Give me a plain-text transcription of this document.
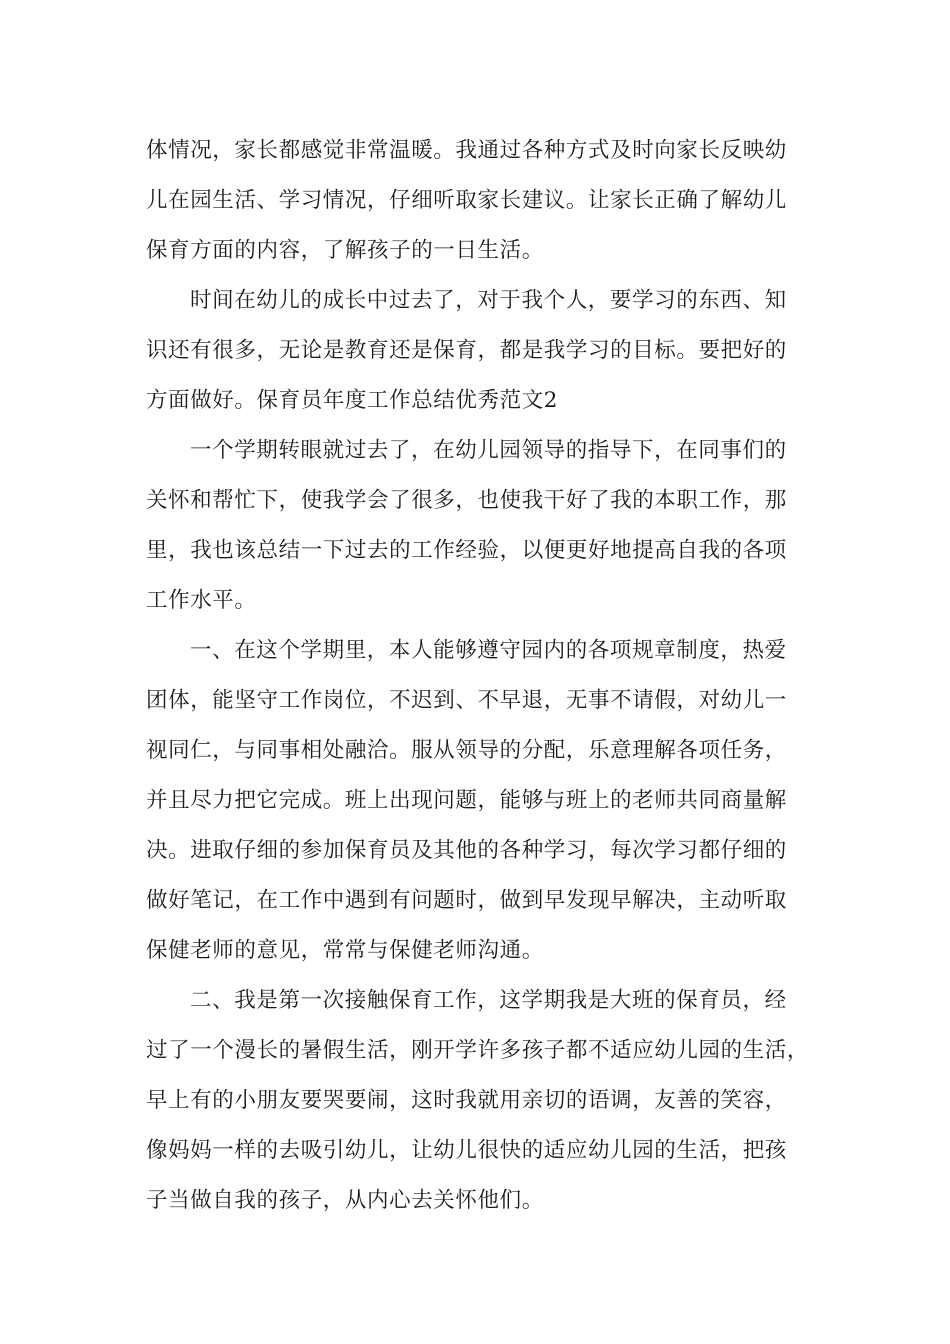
体情况，家长都感觉非常温暖。我通过各种方式及时向家长反映幼
儿在园生活、学习情况，仔细听取家长建议。让家长正确了解幼儿
保育方面的内容，了解孩子的一日生活。
时间在幼儿的成长中过去了，对于我个人，要学习的东西、知
识还有很多，无论是教育还是保育，都是我学习的目标。要把好的
方面做好。保育员年度工作总结优秀范文2
一个学期转眼就过去了，在幼儿园领导的指导下，在同事们的
关怀和帮忙下，使我学会了很多，也使我干好了我的本职工作，那
里，我也该总结一下过去的工作经验，以便更好地提高自我的各项
工作水平。
一、在这个学期里，本人能够遵守园内的各项规章制度，热爱
团体，能坚守工作岗位，不迟到、不早退，无事不请假，对幼儿一
视同仁，与同事相处融洽。服从领导的分配，乐意理解各项任务，
并且尽力把它完成。班上出现问题，能够与班上的老师共同商量解
决。进取仔细的参加保育员及其他的各种学习，每次学习都仔细的
做好笔记，在工作中遇到有问题时，做到早发现早解决，主动听取
保健老师的意见，常常与保健老师沟通。
二、我是第一次接触保育工作，这学期我是大班的保育员，经
过了一个漫长的暑假生活，刚开学许多孩子都不适应幼儿园的生活，
早上有的小朋友要哭要闹，这时我就用亲切的语调，友善的笑容，
像妈妈一样的去吸引幼儿，让幼儿很快的适应幼儿园的生活，把孩
子当做自我的孩子，从内心去关怀他们。
